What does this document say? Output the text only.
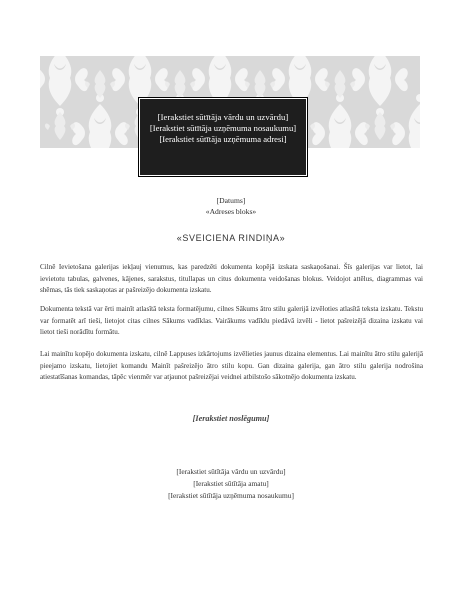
[Ierakstiet sūtītāja vārdu un uzvārdu]
[Ierakstiet sūtītāja uzņēmuma nosaukumu]
[Ierakstiet sūtītāja uzņēmuma adresi]
[Datums]
«Adreses bloks»
«SVEICIENA RINDIŅA»

Cilnē Ievietošana galerijas iekļauj vienumus, kas paredzēti dokumenta kopējā izskata saskaņošanai. Šīs galerijas var lietot, lai ievietotu tabulas, galvenes, kājenes, sarakstus, titullapas un citus dokumenta veidošanas blokus. Veidojot attēlus, diagrammas vai shēmas, tās tiek saskaņotas ar pašreizējo dokumenta izskatu.

Dokumenta tekstā var ērti mainīt atlasītā teksta formatējumu, cilnes Sākums ātro stilu galerijā izvēloties atlasītā teksta izskatu. Tekstu var formatēt arī tieši, lietojot citas cilnes Sākums vadīklas. Vairākums vadīklu piedāvā izvēli - lietot pašreizējā dizaina izskatu vai lietot tieši norādītu formātu.

Lai mainītu kopējo dokumenta izskatu, cilnē Lappuses izkārtojums izvēlieties jaunus dizaina elementus. Lai mainītu ātro stilu galerijā pieejamo izskatu, lietojiet komandu Mainīt pašreizējo ātro stilu kopu. Gan dizaina galerija, gan ātro stilu galerija nodrošina atiestatīšanas komandas, tāpēc vienmēr var atjaunot pašreizējai veidnei atbilstošo sākotnējo dokumenta izskatu.

[Ierakstiet noslēgumu]
[Ierakstiet sūtītāja vārdu un uzvārdu]
[Ierakstiet sūtītāja amatu]
[Ierakstiet sūtītāja uzņēmuma nosaukumu]
